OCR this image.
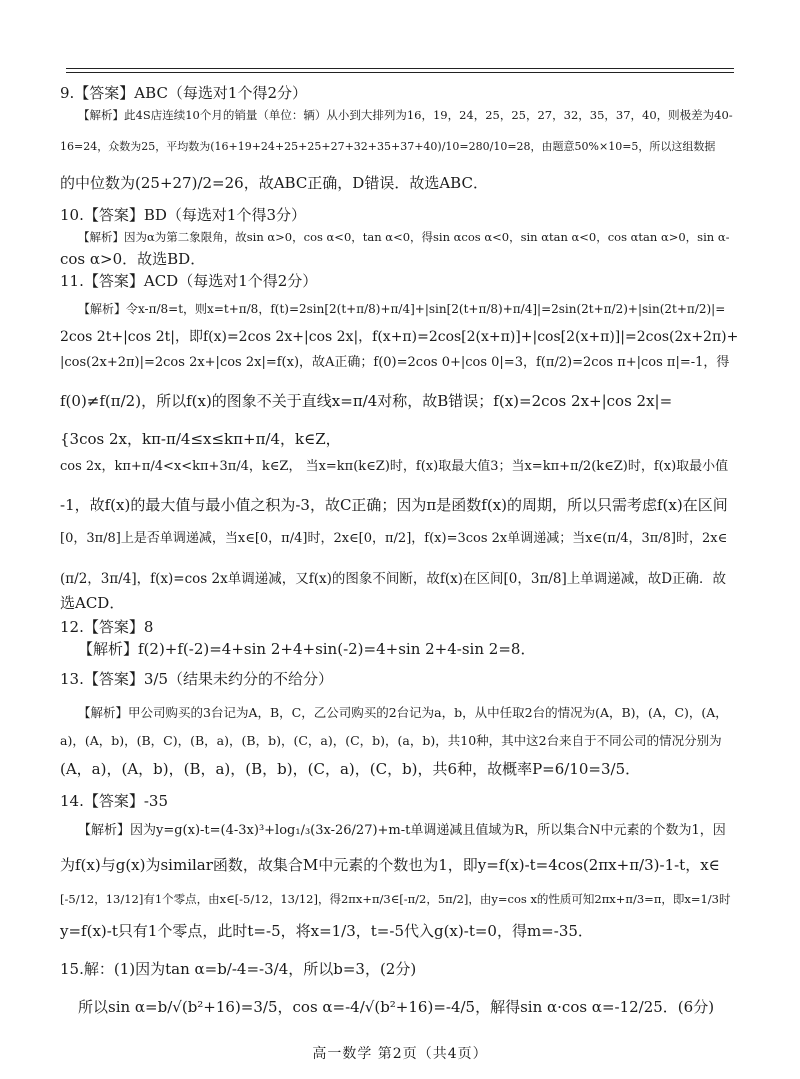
9.【答案】ABC（每选对1个得2分）
【解析】此4S店连续10个月的销量（单位：辆）从小到大排列为16，19，24，25，25，27，32，35，37，40，则极差为40-
16=24，众数为25，平均数为(16+19+24+25+25+27+32+35+37+40)/10=280/10=28，由题意50%×10=5，所以这组数据
的中位数为(25+27)/2=26，故ABC正确，D错误．故选ABC．
10.【答案】BD（每选对1个得3分）
【解析】因为α为第二象限角，故sin α>0，cos α<0，tan α<0，得sin αcos α<0，sin αtan α<0，cos αtan α>0，sin α-
cos α>0．故选BD．
11.【答案】ACD（每选对1个得2分）
【解析】令x-π/8=t，则x=t+π/8，f(t)=2sin[2(t+π/8)+π/4]+|sin[2(t+π/8)+π/4]|=2sin(2t+π/2)+|sin(2t+π/2)|=
2cos 2t+|cos 2t|，即f(x)=2cos 2x+|cos 2x|，f(x+π)=2cos[2(x+π)]+|cos[2(x+π)]|=2cos(2x+2π)+
|cos(2x+2π)|=2cos 2x+|cos 2x|=f(x)，故A正确；f(0)=2cos 0+|cos 0|=3，f(π/2)=2cos π+|cos π|=-1，得
f(0)≠f(π/2)，所以f(x)的图象不关于直线x=π/4对称，故B错误；f(x)=2cos 2x+|cos 2x|=
{3cos 2x，kπ-π/4≤x≤kπ+π/4，k∈Z，
cos 2x，kπ+π/4<x<kπ+3π/4，k∈Z， 当x=kπ(k∈Z)时，f(x)取最大值3；当x=kπ+π/2(k∈Z)时，f(x)取最小值
-1，故f(x)的最大值与最小值之积为-3，故C正确；因为π是函数f(x)的周期，所以只需考虑f(x)在区间
[0，3π/8]上是否单调递减，当x∈[0，π/4]时，2x∈[0，π/2]，f(x)=3cos 2x单调递减；当x∈(π/4，3π/8]时，2x∈
(π/2，3π/4]，f(x)=cos 2x单调递减，又f(x)的图象不间断，故f(x)在区间[0，3π/8]上单调递减，故D正确．故
选ACD．
12.【答案】8
【解析】f(2)+f(-2)=4+sin 2+4+sin(-2)=4+sin 2+4-sin 2=8．
13.【答案】3/5（结果未约分的不给分）
【解析】甲公司购买的3台记为A，B，C，乙公司购买的2台记为a，b，从中任取2台的情况为(A，B)，(A，C)，(A，
a)，(A，b)，(B，C)，(B，a)，(B，b)，(C，a)，(C，b)，(a，b)，共10种，其中这2台来自于不同公司的情况分别为
(A，a)，(A，b)，(B，a)，(B，b)，(C，a)，(C，b)，共6种，故概率P=6/10=3/5．
14.【答案】-35
【解析】因为y=g(x)-t=(4-3x)³+log₁/₃(3x-26/27)+m-t单调递减且值域为R，所以集合N中元素的个数为1，因
为f(x)与g(x)为similar函数，故集合M中元素的个数也为1，即y=f(x)-t=4cos(2πx+π/3)-1-t，x∈
[-5/12，13/12]有1个零点，由x∈[-5/12，13/12]，得2πx+π/3∈[-π/2，5π/2]，由y=cos x的性质可知2πx+π/3=π，即x=1/3时
y=f(x)-t只有1个零点，此时t=-5，将x=1/3，t=-5代入g(x)-t=0，得m=-35．
15.解：(1)因为tan α=b/-4=-3/4，所以b=3，(2分)
所以sin α=b/√(b²+16)=3/5，cos α=-4/√(b²+16)=-4/5，解得sin α·cos α=-12/25．(6分)
高一数学 第2页（共4页）
